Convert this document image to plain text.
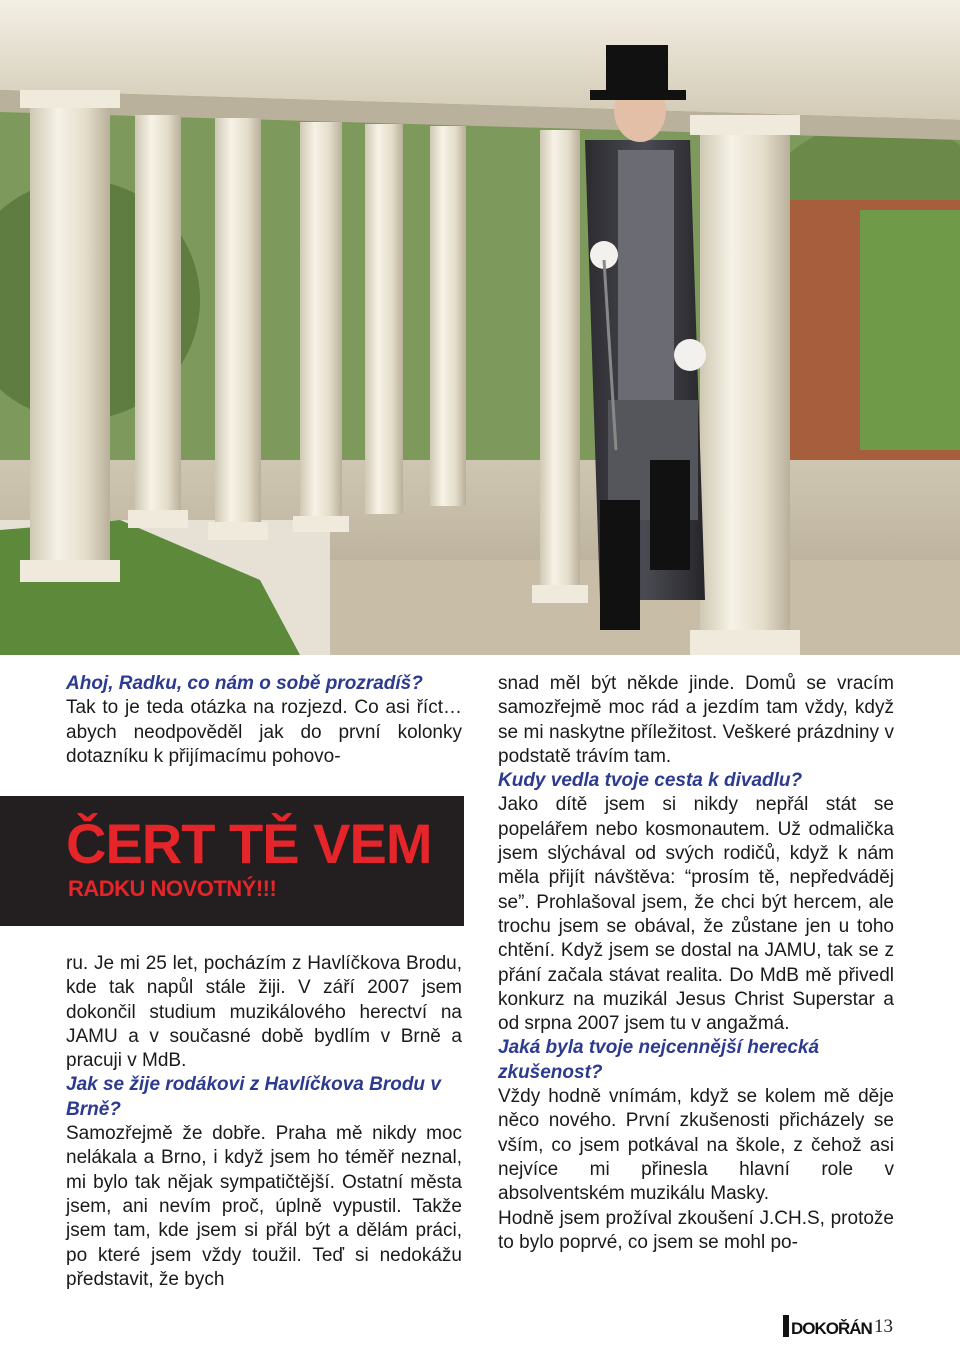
Ahoj, Radku, co nám o sobě prozradíš?

Tak to je teda otázka na rozjezd. Co asi říct… abych neodpověděl jak do první kolonky dotazníku k přijímacímu pohovo-

ČERT TĚ VEM
RADKU NOVOTNÝ!!!

ru. Je mi 25 let, pocházím z Havlíčkova Brodu, kde tak napůl stále žiji. V září 2007 jsem dokončil studium muzikálového herectví na JAMU a v současné době bydlím v Brně a pracuji v MdB.

Jak se žije rodákovi z Havlíčkova Brodu v Brně?

Samozřejmě že dobře. Praha mě nikdy moc nelákala a Brno, i když jsem ho téměř neznal, mi bylo tak nějak sympatičtější. Ostatní města jsem, ani nevím proč, úplně vypustil. Takže jsem tam, kde jsem si přál být a dělám práci, po které jsem vždy toužil. Teď si nedokážu představit, že bych

snad měl být někde jinde. Domů se vracím samozřejmě moc rád a jezdím tam vždy, když se mi naskytne příležitost. Veškeré prázdniny v podstatě trávím tam.

Kudy vedla tvoje cesta k divadlu?

Jako dítě jsem si nikdy nepřál stát se popelářem nebo kosmonautem. Už odmalička jsem slýchával od svých rodičů, když k nám měla přijít návštěva: “prosím tě, nepředváděj se”. Prohlašoval jsem, že chci být hercem, ale trochu jsem se obával, že zůstane jen u toho chtění. Když jsem se dostal na JAMU, tak se z přání začala stávat realita. Do MdB mě přivedl konkurz na muzikál Jesus Christ Superstar a od srpna 2007 jsem tu v angažmá.

Jaká byla tvoje nejcennější herecká zkušenost?

Vždy hodně vnímám, když se kolem mě děje něco nového. První zkušenosti přicházely se vším, co jsem potkával na škole, z čehož asi nejvíce mi přinesla hlavní role v absolventském muzikálu Masky.

Hodně jsem prožíval zkoušení J.CH.S, protože to bylo poprvé, co jsem se mohl po-

DOKOŘÁN 13
